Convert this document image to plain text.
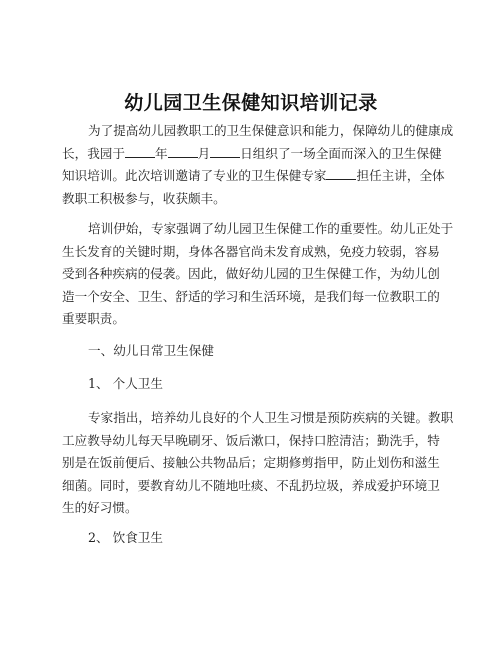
幼儿园卫生保健知识培训记录
为了提高幼儿园教职工的卫生保健意识和能力，保障幼儿的健康成
长，我园于 年 月 日组织了一场全面而深入的卫生保健
知识培训。此次培训邀请了专业的卫生保健专家 担任主讲，全体
教职工积极参与，收获颇丰。
培训伊始，专家强调了幼儿园卫生保健工作的重要性。幼儿正处于
生长发育的关键时期，身体各器官尚未发育成熟，免疫力较弱，容易
受到各种疾病的侵袭。因此，做好幼儿园的卫生保健工作，为幼儿创
造一个安全、卫生、舒适的学习和生活环境，是我们每一位教职工的
重要职责。

一、幼儿日常卫生保健

1、 个人卫生

专家指出，培养幼儿良好的个人卫生习惯是预防疾病的关键。教职
工应教导幼儿每天早晚刷牙、饭后漱口，保持口腔清洁；勤洗手，特
别是在饭前便后、接触公共物品后；定期修剪指甲，防止划伤和滋生
细菌。同时，要教育幼儿不随地吐痰、不乱扔垃圾，养成爱护环境卫
生的好习惯。

2、 饮食卫生
